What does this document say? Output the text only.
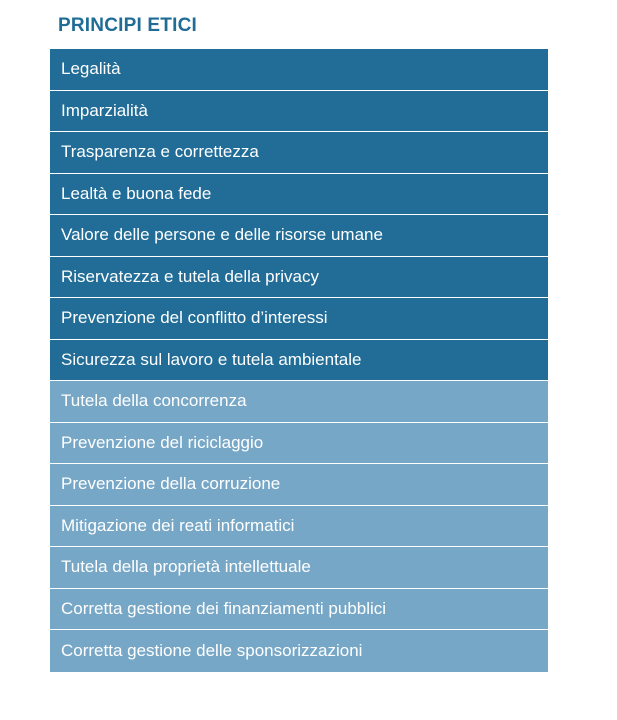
PRINCIPI ETICI
Legalità
Imparzialità
Trasparenza e correttezza
Lealtà e buona fede
Valore delle persone e delle risorse umane
Riservatezza e tutela della privacy
Prevenzione del conflitto d’interessi
Sicurezza sul lavoro e tutela ambientale
Tutela della concorrenza
Prevenzione del riciclaggio
Prevenzione della corruzione
Mitigazione dei reati informatici
Tutela della proprietà intellettuale
Corretta gestione dei finanziamenti pubblici
Corretta gestione delle sponsorizzazioni
